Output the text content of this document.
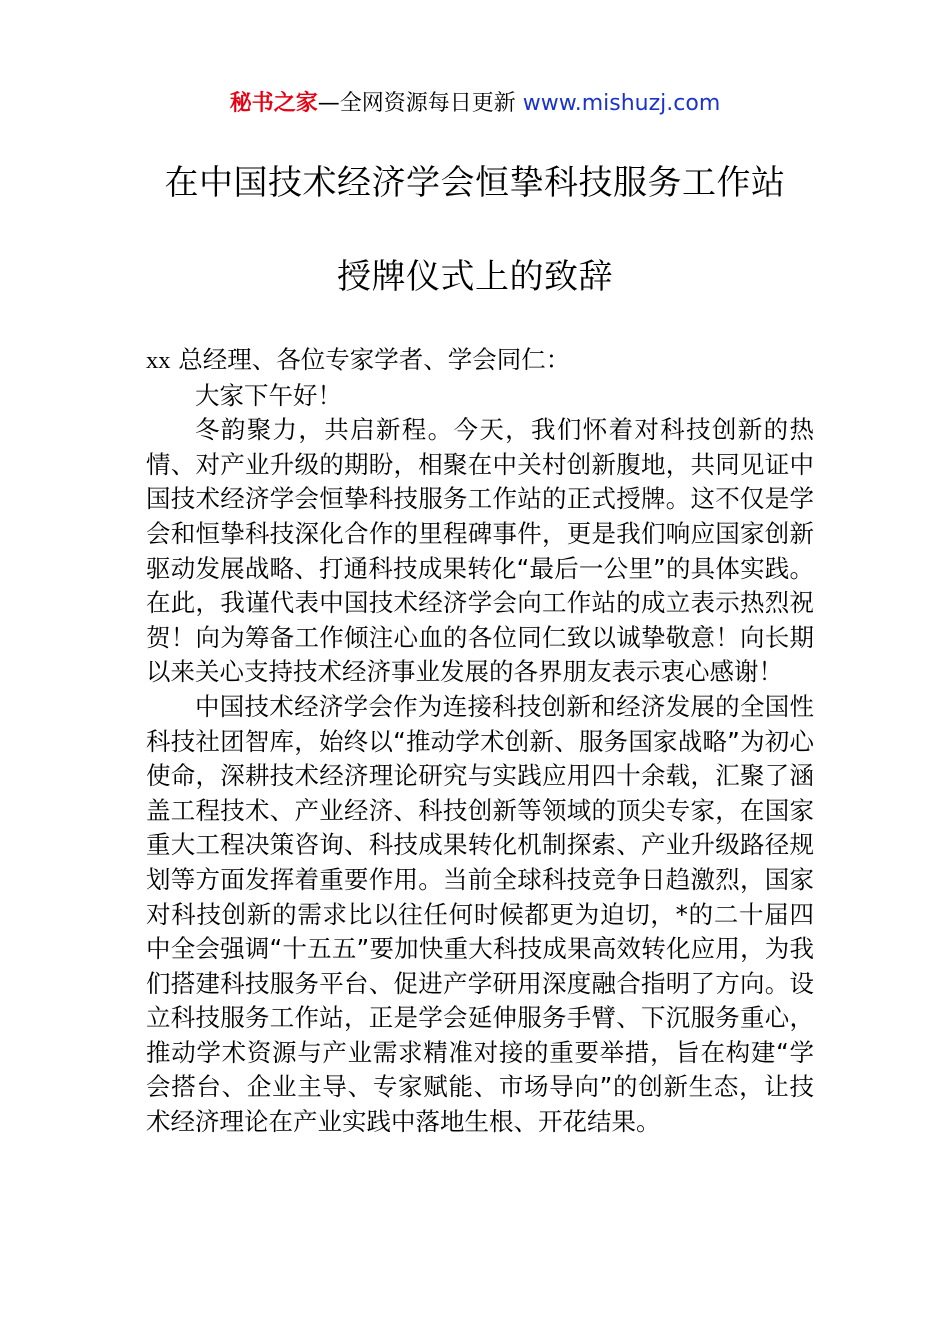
秘书之家—全网资源每日更新 www.mishuzj.com
在中国技术经济学会恒挚科技服务工作站
授牌仪式上的致辞

xx 总经理、各位专家学者、学会同仁：

大家下午好！

冬韵聚力，共启新程。今天，我们怀着对科技创新的热情、对产业升级的期盼，相聚在中关村创新腹地，共同见证中国技术经济学会恒挚科技服务工作站的正式授牌。这不仅是学会和恒挚科技深化合作的里程碑事件，更是我们响应国家创新驱动发展战略、打通科技成果转化“最后一公里”的具体实践。在此，我谨代表中国技术经济学会向工作站的成立表示热烈祝贺！向为筹备工作倾注心血的各位同仁致以诚挚敬意！向长期以来关心支持技术经济事业发展的各界朋友表示衷心感谢！

中国技术经济学会作为连接科技创新和经济发展的全国性科技社团智库，始终以“推动学术创新、服务国家战略”为初心使命，深耕技术经济理论研究与实践应用四十余载，汇聚了涵盖工程技术、产业经济、科技创新等领域的顶尖专家，在国家重大工程决策咨询、科技成果转化机制探索、产业升级路径规划等方面发挥着重要作用。当前全球科技竞争日趋激烈，国家对科技创新的需求比以往任何时候都更为迫切，*的二十届四中全会强调“十五五”要加快重大科技成果高效转化应用，为我们搭建科技服务平台、促进产学研用深度融合指明了方向。设立科技服务工作站，正是学会延伸服务手臂、下沉服务重心，推动学术资源与产业需求精准对接的重要举措，旨在构建“学会搭台、企业主导、专家赋能、市场导向”的创新生态，让技术经济理论在产业实践中落地生根、开花结果。
